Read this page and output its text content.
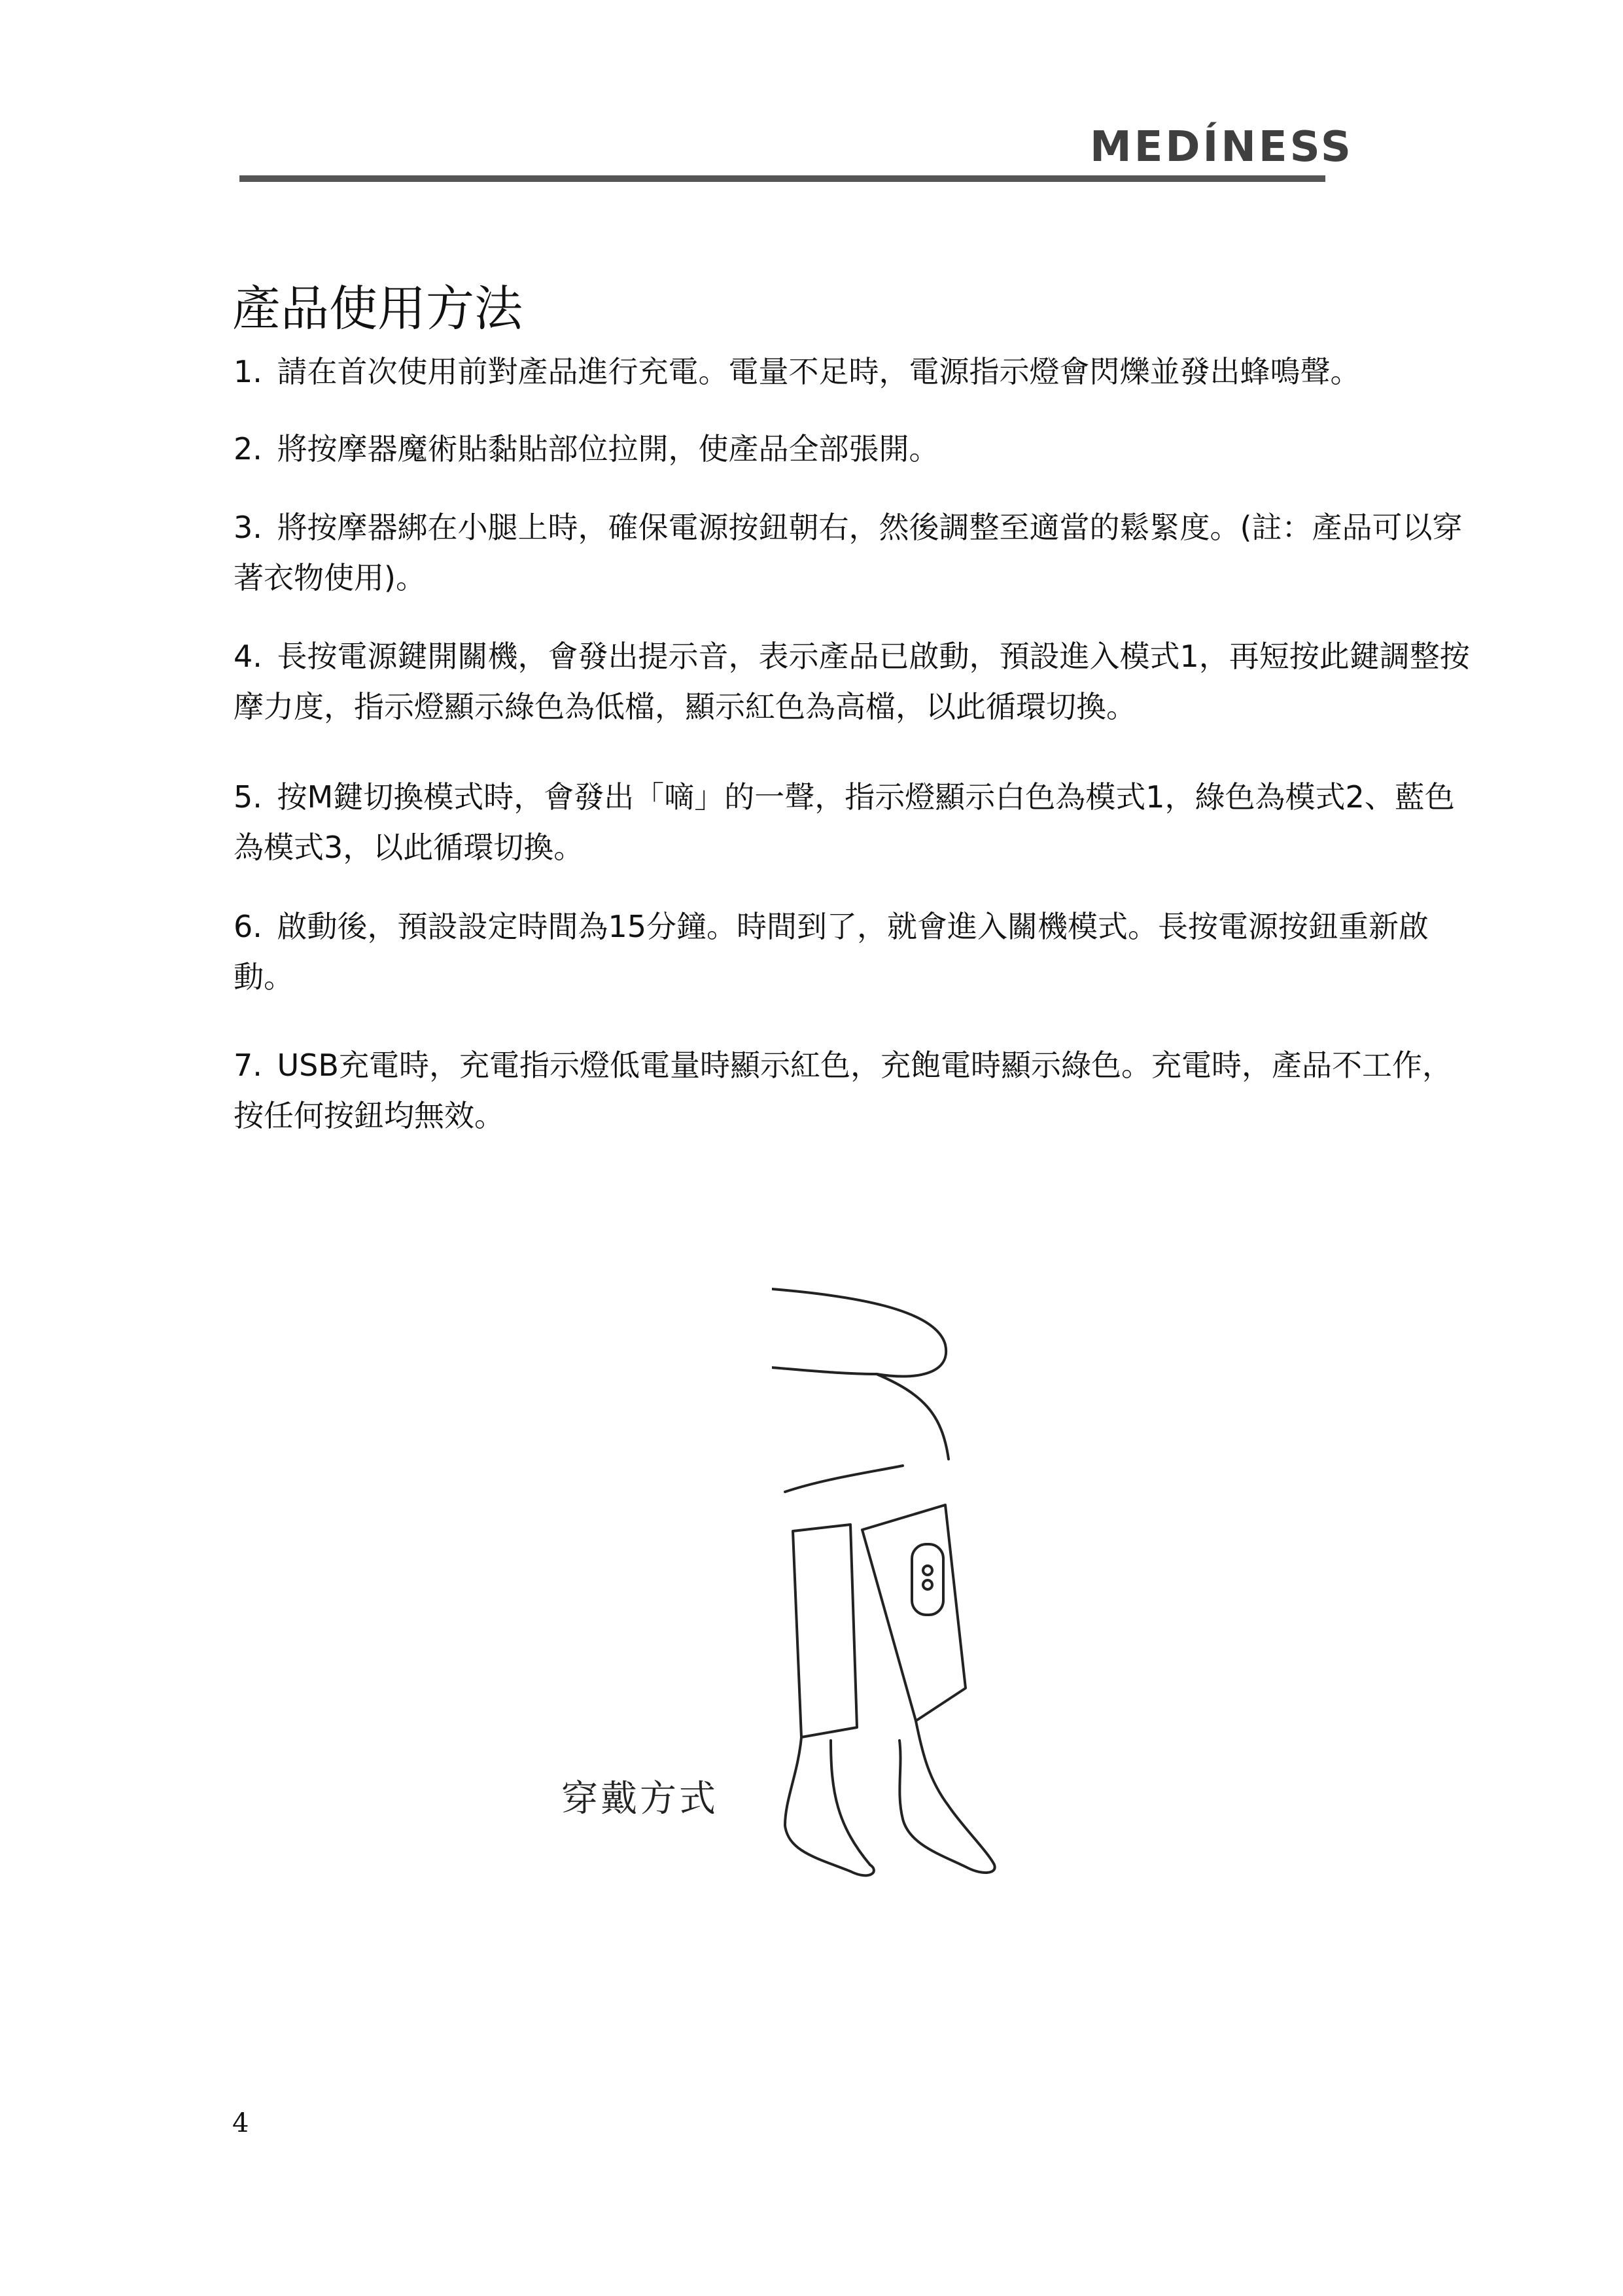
MEDÍNESS
產品使用方法
1. 請在首次使用前對產品進行充電。電量不足時，電源指示燈會閃爍並發出蜂鳴聲。
2. 將按摩器魔術貼黏貼部位拉開，使產品全部張開。
3. 將按摩器綁在小腿上時，確保電源按鈕朝右，然後調整至適當的鬆緊度。(註：產品可以穿著衣物使用)。
4. 長按電源鍵開關機，會發出提示音，表示產品已啟動，預設進入模式1，再短按此鍵調整按摩力度，指示燈顯示綠色為低檔，顯示紅色為高檔，以此循環切換。
5. 按M鍵切換模式時，會發出「嘀」的一聲，指示燈顯示白色為模式1，綠色為模式2、藍色為模式3，以此循環切換。
6. 啟動後，預設設定時間為15分鐘。時間到了，就會進入關機模式。長按電源按鈕重新啟動。
7. USB充電時，充電指示燈低電量時顯示紅色，充飽電時顯示綠色。充電時，產品不工作，按任何按鈕均無效。
穿戴方式
4
